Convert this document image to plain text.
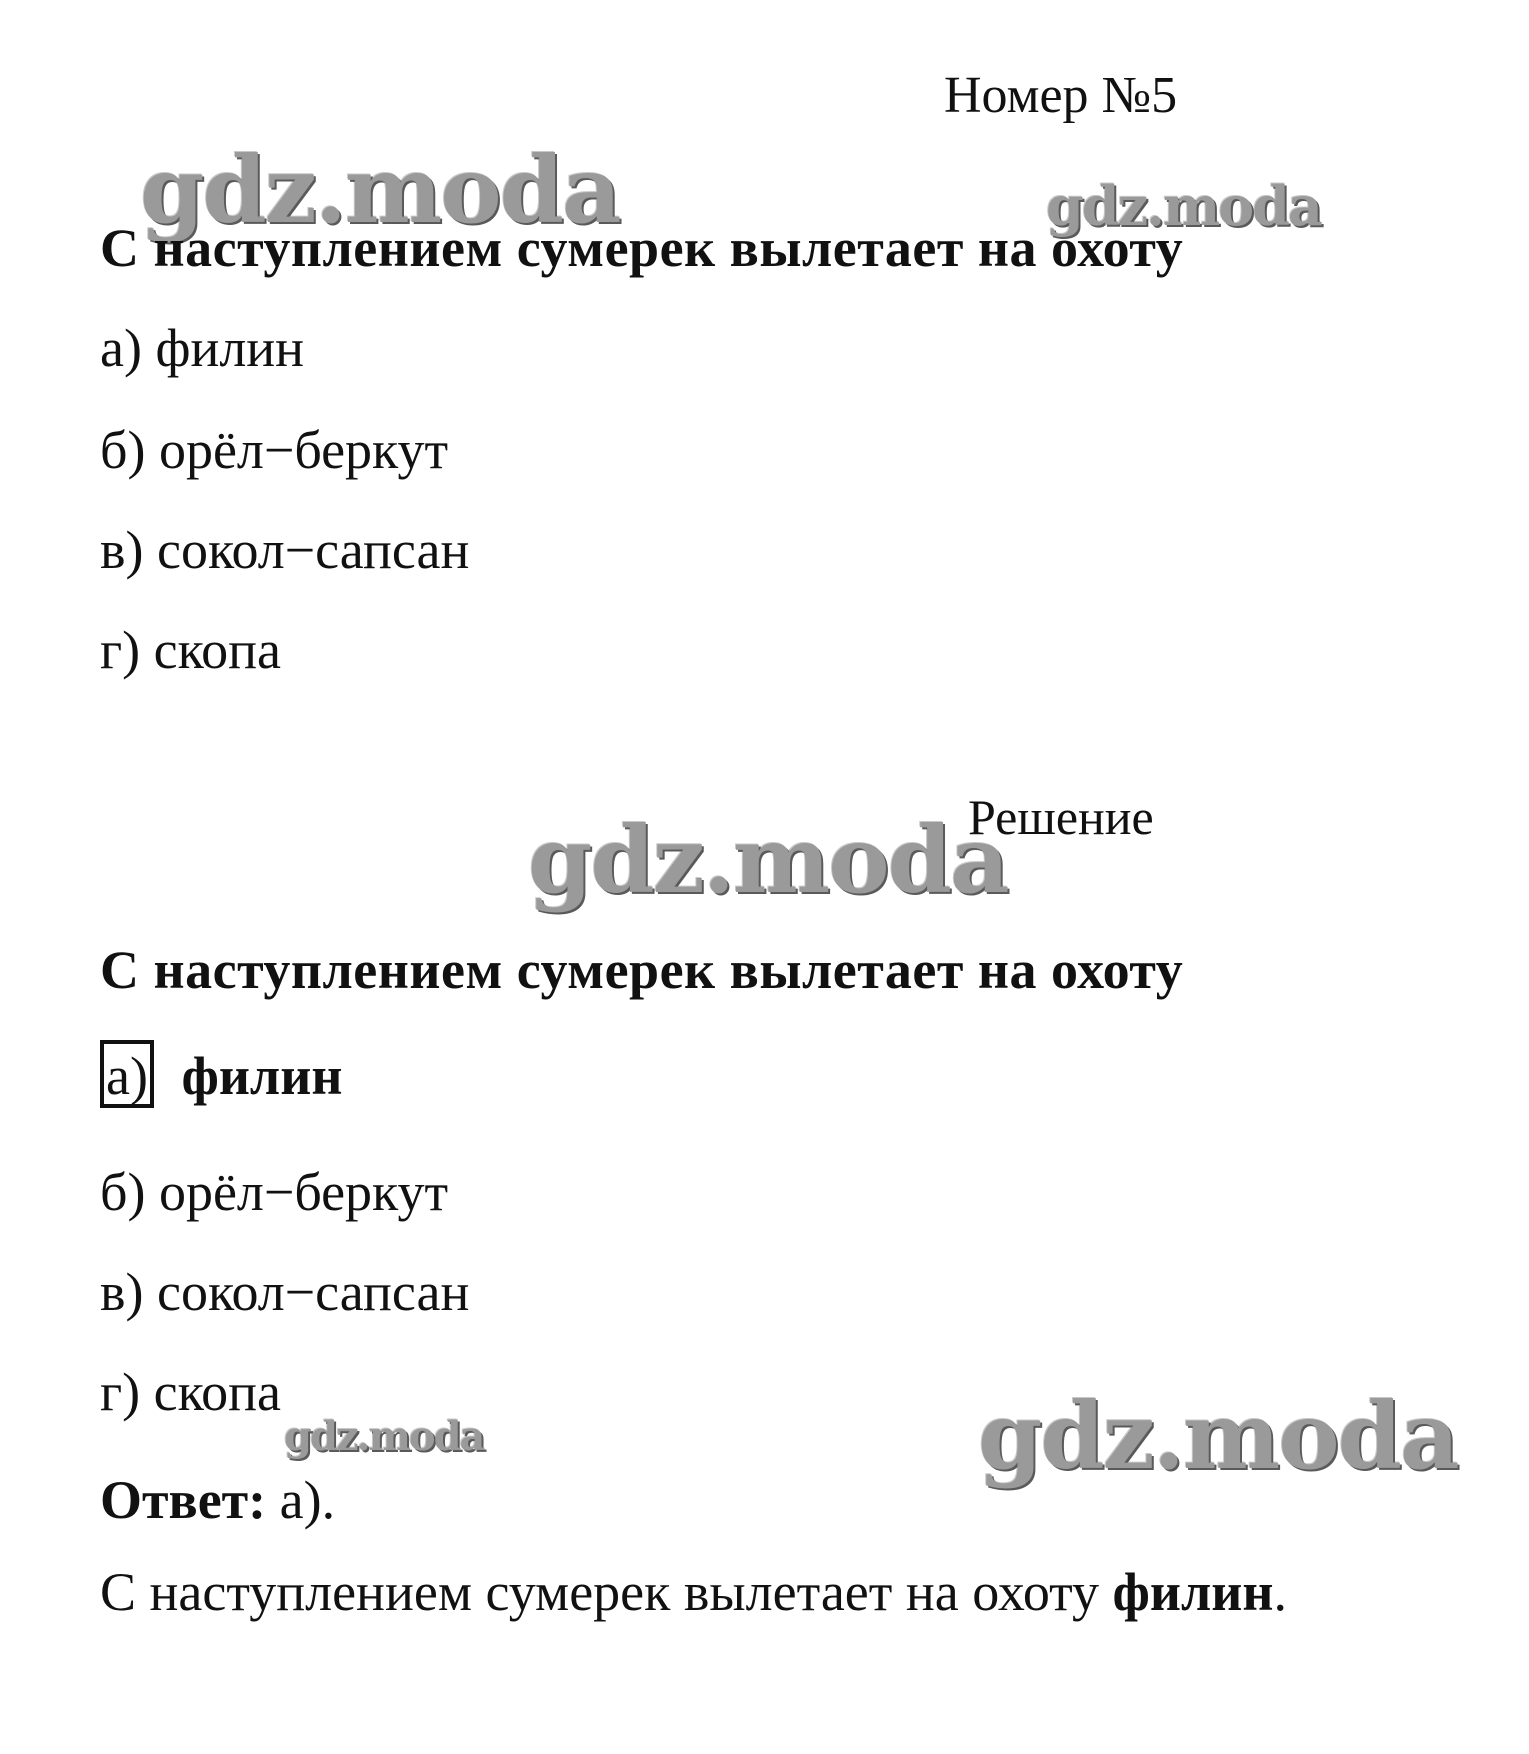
Номер №5
gdz.moda	gdz.moda
gdz.moda
gdz.moda
gdz.moda
С наступлением сумерек вылетает на охоту
а) филин
б) орёл−беркут
в) сокол−сапсан
г) скопа
Решение
С наступлением сумерек вылетает на охоту
а) филин
б) орёл−беркут
в) сокол−сапсан
г) скопа
Ответ: а).
С наступлением сумерек вылетает на охоту филин.
